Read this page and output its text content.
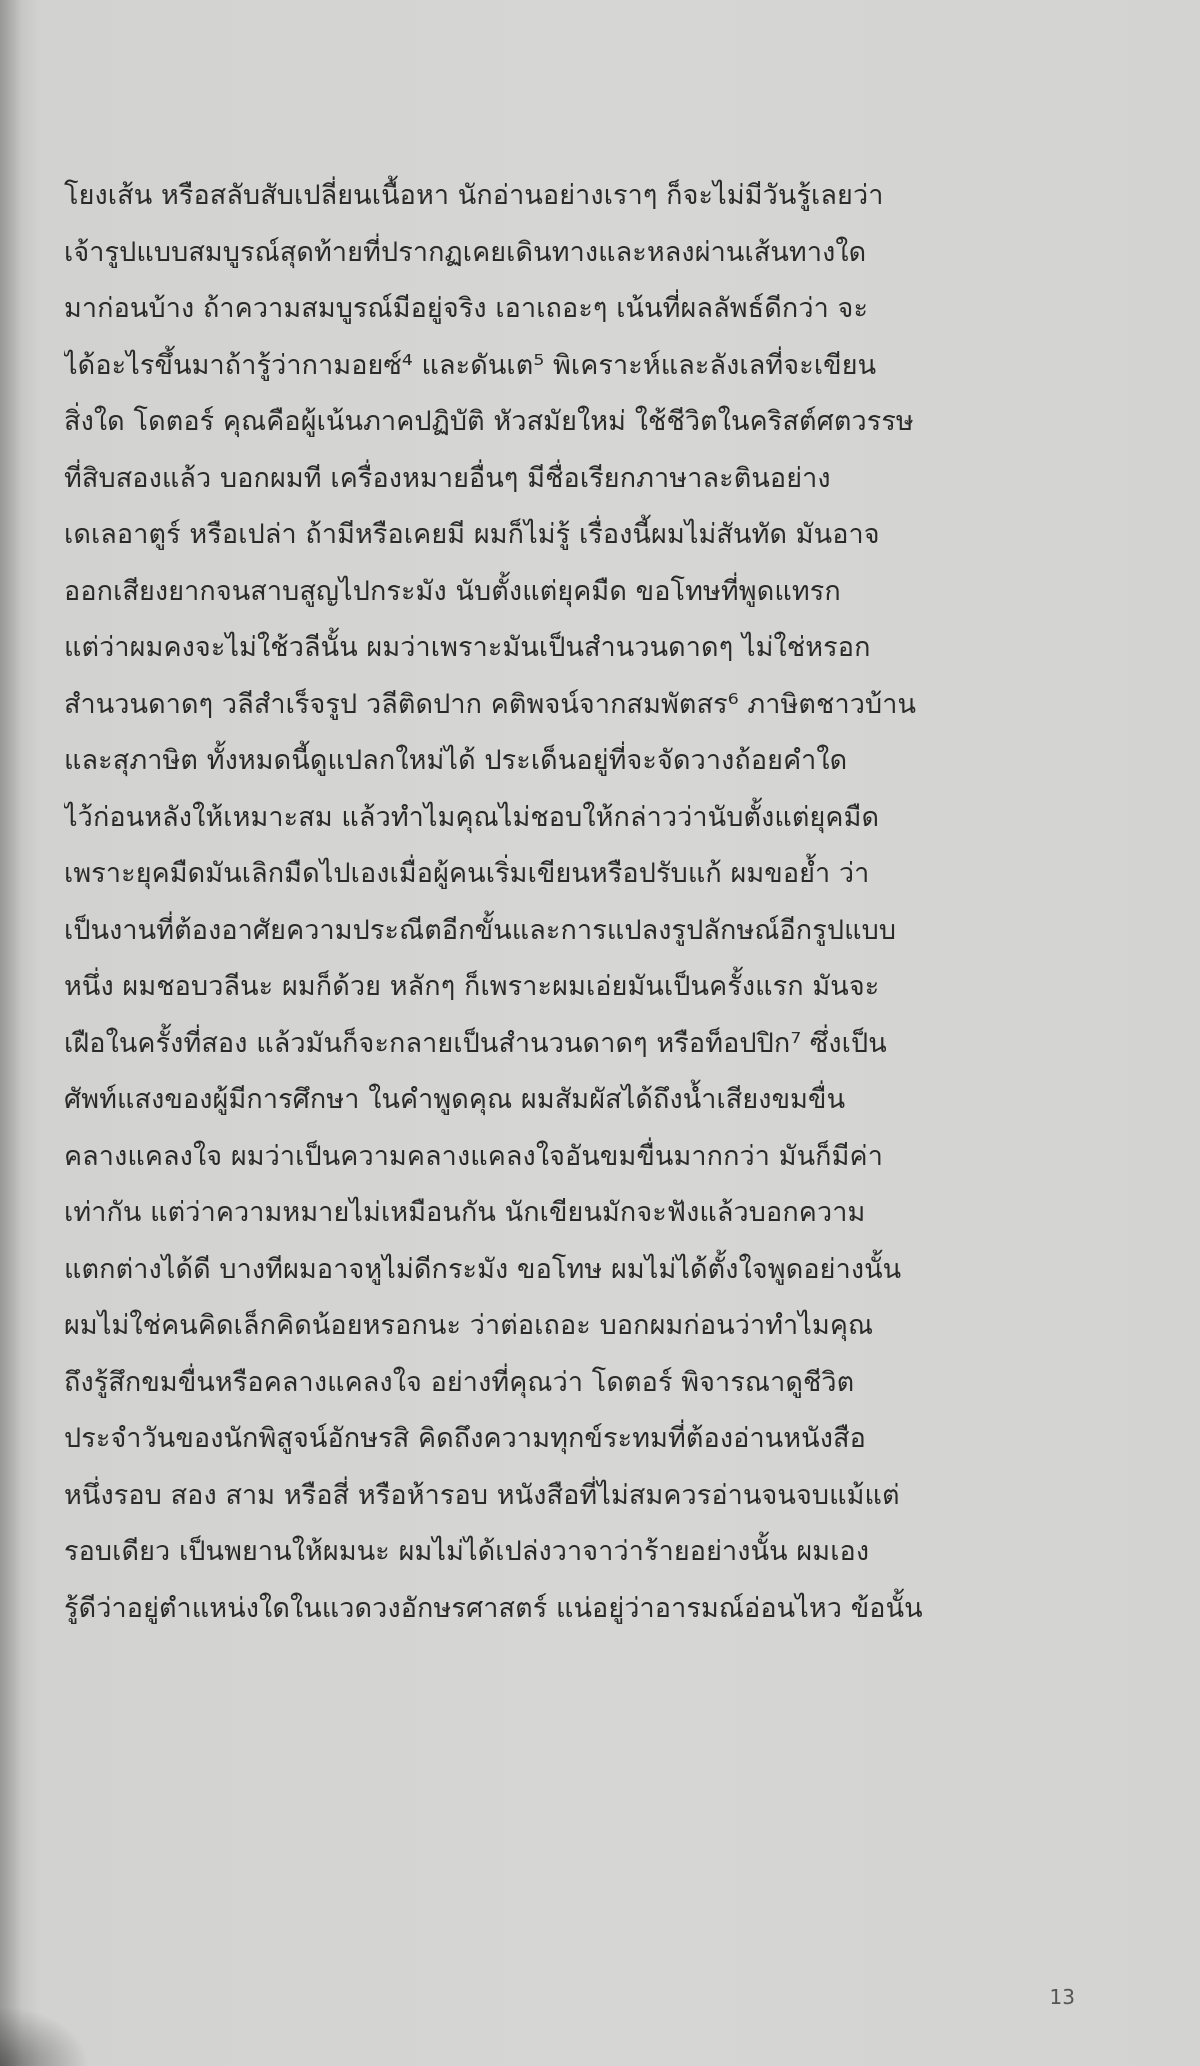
โยงเส้น หรือสลับสับเปลี่ยนเนื้อหา นักอ่านอย่างเราๆ ก็จะไม่มีวันรู้เลยว่า
เจ้ารูปแบบสมบูรณ์สุดท้ายที่ปรากฏเคยเดินทางและหลงผ่านเส้นทางใด
มาก่อนบ้าง ถ้าความสมบูรณ์มีอยู่จริง เอาเถอะๆ เน้นที่ผลลัพธ์ดีกว่า จะ
ได้อะไรขึ้นมาถ้ารู้ว่ากามอยซ์⁴ และดันเต⁵ พิเคราะห์และลังเลที่จะเขียน
สิ่งใด โดตอร์ คุณคือผู้เน้นภาคปฏิบัติ หัวสมัยใหม่ ใช้ชีวิตในคริสต์ศตวรรษ
ที่สิบสองแล้ว บอกผมที เครื่องหมายอื่นๆ มีชื่อเรียกภาษาละตินอย่าง
เดเลอาตูร์ หรือเปล่า ถ้ามีหรือเคยมี ผมก็ไม่รู้ เรื่องนี้ผมไม่สันทัด มันอาจ
ออกเสียงยากจนสาบสูญไปกระมัง นับตั้งแต่ยุคมืด ขอโทษที่พูดแทรก
แต่ว่าผมคงจะไม่ใช้วลีนั้น ผมว่าเพราะมันเป็นสำนวนดาดๆ ไม่ใช่หรอก
สำนวนดาดๆ วลีสำเร็จรูป วลีติดปาก คติพจน์จากสมพัตสร⁶ ภาษิตชาวบ้าน
และสุภาษิต ทั้งหมดนี้ดูแปลกใหม่ได้ ประเด็นอยู่ที่จะจัดวางถ้อยคำใด
ไว้ก่อนหลังให้เหมาะสม แล้วทำไมคุณไม่ชอบให้กล่าวว่านับตั้งแต่ยุคมืด
เพราะยุคมืดมันเลิกมืดไปเองเมื่อผู้คนเริ่มเขียนหรือปรับแก้ ผมขอย้ำ ว่า
เป็นงานที่ต้องอาศัยความประณีตอีกขั้นและการแปลงรูปลักษณ์อีกรูปแบบ
หนึ่ง ผมชอบวลีนะ ผมก็ด้วย หลักๆ ก็เพราะผมเอ่ยมันเป็นครั้งแรก มันจะ
เฝือในครั้งที่สอง แล้วมันก็จะกลายเป็นสำนวนดาดๆ หรือท็อปปิก⁷ ซึ่งเป็น
ศัพท์แสงของผู้มีการศึกษา ในคำพูดคุณ ผมสัมผัสได้ถึงน้ำเสียงขมขื่น
คลางแคลงใจ ผมว่าเป็นความคลางแคลงใจอันขมขื่นมากกว่า มันก็มีค่า
เท่ากัน แต่ว่าความหมายไม่เหมือนกัน นักเขียนมักจะฟังแล้วบอกความ
แตกต่างได้ดี บางทีผมอาจหูไม่ดีกระมัง ขอโทษ ผมไม่ได้ตั้งใจพูดอย่างนั้น
ผมไม่ใช่คนคิดเล็กคิดน้อยหรอกนะ ว่าต่อเถอะ บอกผมก่อนว่าทำไมคุณ
ถึงรู้สึกขมขื่นหรือคลางแคลงใจ อย่างที่คุณว่า โดตอร์ พิจารณาดูชีวิต
ประจำวันของนักพิสูจน์อักษรสิ คิดถึงความทุกข์ระทมที่ต้องอ่านหนังสือ
หนึ่งรอบ สอง สาม หรือสี่ หรือห้ารอบ หนังสือที่ไม่สมควรอ่านจนจบแม้แต่
รอบเดียว เป็นพยานให้ผมนะ ผมไม่ได้เปล่งวาจาว่าร้ายอย่างนั้น ผมเอง
รู้ดีว่าอยู่ตำแหน่งใดในแวดวงอักษรศาสตร์ แน่อยู่ว่าอารมณ์อ่อนไหว ข้อนั้น
13
